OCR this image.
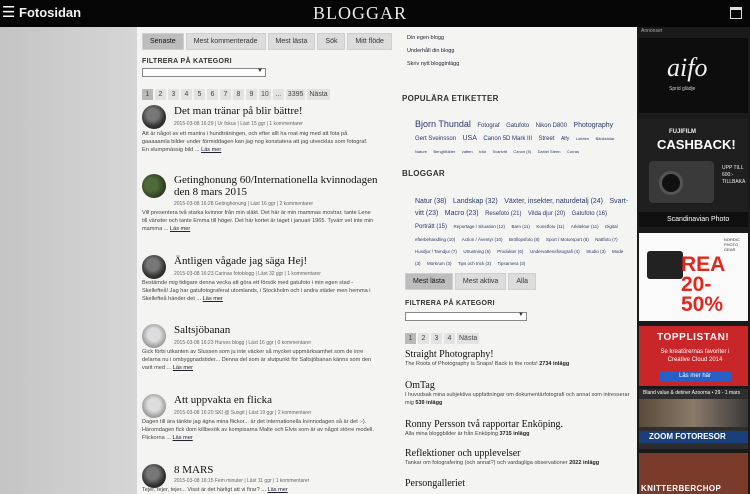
☰ Fotosidan	BLOGGAR
Senaste	Mest kommenterade	Mest lästa	Sök	Mitt flöde
FILTRERA PÅ KATEGORI
▼
1	2	3	4	5	6	7	8	9	10 ... 3395 Nästa
Det man tränar på blir bättre!
2015-03-08 16:29 | Ur fokus | Läst 15 ggr | 1 kommentarer
Att är något av ett mantra i hundträningen, och efter allt ha roat mig med att fota på gaaaaamla bilder under förmiddagen kan jag nog konstatera att jag utvecklas som fotograf. En slumpmässig bild ... Läs mer
Getinghonung 60/Internationella kvinnodagen den 8 mars 2015
2015-03-08 16:28 Getinghonung | Läst 16 ggr | 2 kommentarer
Vill presentera två starka kvinnor från min släkt. Det här är min mammas mostrar, tante Lene till vänster och tante Emma till höger. Det här kortet är taget i januari 1965. Tyvärr vet inte min mamma ... Läs mer
Äntligen vågade jag säga Hej!
2015-03-08 16:23 Carinas fotoblogg | Läst 32 ggr | 1 kommentarer
Bestämde mig tidigare denna vecka att göra ett försök med gatufoto i min egen stad - Skellefteå! Jag har gatufotograferat utomlands, i Stockholm och i andra städer men hemma i Skellefteå händer det ... Läs mer
Saltsjöbanan
2015-03-08 16:23 Hurves blogg | Läst 16 ggr | 0 kommentarer
Gick förbi utkanten av Slussen som ju inte väcker så mycket uppmärksamhet som de inre delarna nu i ombyggnadstider... Denna del som är slutpunkt för Saltsjöbanan känns som den varit med ... Läs mer
Att uppvakta en flicka
2015-03-08 16:20 SKI @ Susgit | Läst 19 ggr | 2 kommentarer
Dagen till ära tänkte jag ägna mina flickor... är det internationella kvinnodagen så är det :-). Häromdagen fick dom killbesök av kompisarna Malte och Elvis som är av något större modell. Flickorna ... Läs mer
8 MARS
2015-03-08 16:15 Fem minuter | Läst 11 ggr | 1 kommentarer
Tejer, tejer, tejer... Visst är det härligt att vi firar? ... Läs mer
Din egen blogg
Underhåll din blogg
Skriv nytt blogginlägg
POPULÄRA ETIKETTER
Bjorn Thundal Fotograf Gatufoto Nikon D800 Photography Gert Sveinsson USA Canon 5D Mark III Street Alfy Lofoten Bänkstolar Nature Bengt/Bilder vatten träd Svartvitt Canon (5) Daniel Steen Corras
BLOGGAR
Natur (38) Landskap (32) Växter, insekter, naturdetalj (24) Svart-vitt (23) Macro (23) Resefoto (21) Vilda djur (20) Gatufoto (16) Porträtt (15) Reportage / Situation (12) Barn (11) Konstfoto (11) Arkitektur (11) Digital efterbehandling (10) Action / Äventyr (10) Bröllopsfoto (8) Sport / Motorsport (8) Nattfoto (7) Husdjur / Tamdjur (7) Utrustning (6) Produkter (6) Undervattensfotografi (4) Studio (3) Mode (3) Mörkrum (3) Tips och trick (3) Tipsamera (3)
Mest lästa	Mest aktiva	Alla
FILTRERA PÅ KATEGORI
▼
1	2	3	4	Nästa
Straight Photography!
The Roots of Photography is Snaps! Back to the roots! 2734 inlägg
OmTag
I huvudsak mina subjektiva uppfattningar om dokumentärfotografi och annat som intresserar mig 539 inlägg
Ronny Persson två rapportar Enköping.
Alla mina bloggbilder är från Enköping 3715 inlägg
Reflektioner och upplevelser
Tankar om fotografering (och annat?) och vardagliga observationer 2022 inlägg
Persongalleriet
Annonser
aifo
Sprid glädje
FUJIFILM
CASHBACK!
UPP TILL 600:- TILLBAKA
Scandinavian Photo
NORDIC PHOTO GEAR
REA 20-50%
TOPPLISTAN!
Se kreatörernas favoriter i Creative Cloud 2014
Läs mer här
Bland value & detiner Azoorna • 29 - 1 mars
ZOOM FOTORESOR
KNITTERBERCHOP
